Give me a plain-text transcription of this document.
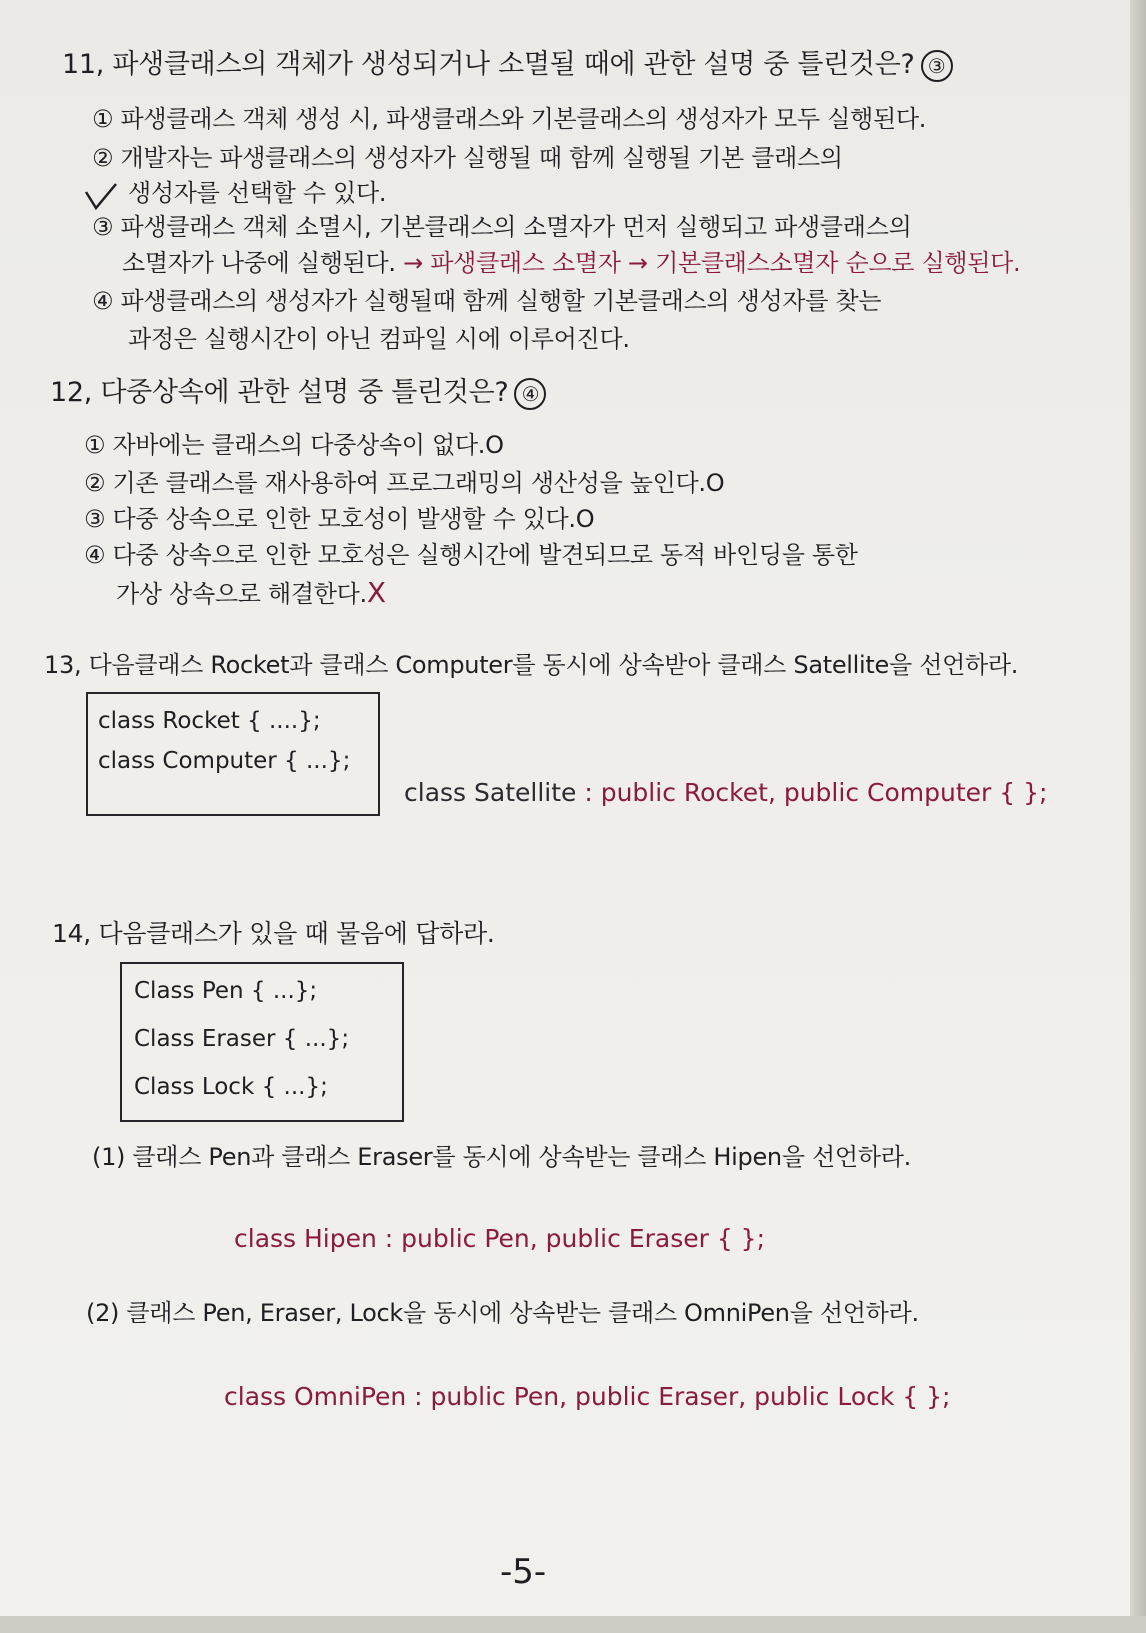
11, 파생클래스의 객체가 생성되거나 소멸될 때에 관한 설명 중 틀린것은? ③
① 파생클래스 객체 생성 시, 파생클래스와 기본클래스의 생성자가 모두 실행된다.
② 개발자는 파생클래스의 생성자가 실행될 때 함께 실행될 기본 클래스의
생성자를 선택할 수 있다.
③ 파생클래스 객체 소멸시, 기본클래스의 소멸자가 먼저 실행되고 파생클래스의
소멸자가 나중에 실행된다. → 파생클래스 소멸자 → 기본클래스소멸자 순으로 실행된다.
④ 파생클래스의 생성자가 실행될때 함께 실행할 기본클래스의 생성자를 찾는
과정은 실행시간이 아닌 컴파일 시에 이루어진다.
12, 다중상속에 관한 설명 중 틀린것은? ④
① 자바에는 클래스의 다중상속이 없다.O
② 기존 클래스를 재사용하여 프로그래밍의 생산성을 높인다.O
③ 다중 상속으로 인한 모호성이 발생할 수 있다.O
④ 다중 상속으로 인한 모호성은 실행시간에 발견되므로 동적 바인딩을 통한
가상 상속으로 해결한다.X
13, 다음클래스 Rocket과 클래스 Computer를 동시에 상속받아 클래스 Satellite을 선언하라.
class Rocket { ....};
class Computer { ...};
class Satellite : public Rocket, public Computer { };
14, 다음클래스가 있을 때 물음에 답하라.
Class Pen { ...};
Class Eraser { ...};
Class Lock { ...};
(1) 클래스 Pen과 클래스 Eraser를 동시에 상속받는 클래스 Hipen을 선언하라.
class Hipen : public Pen, public Eraser { };
(2) 클래스 Pen, Eraser, Lock을 동시에 상속받는 클래스 OmniPen을 선언하라.
class OmniPen : public Pen, public Eraser, public Lock { };
-5-
